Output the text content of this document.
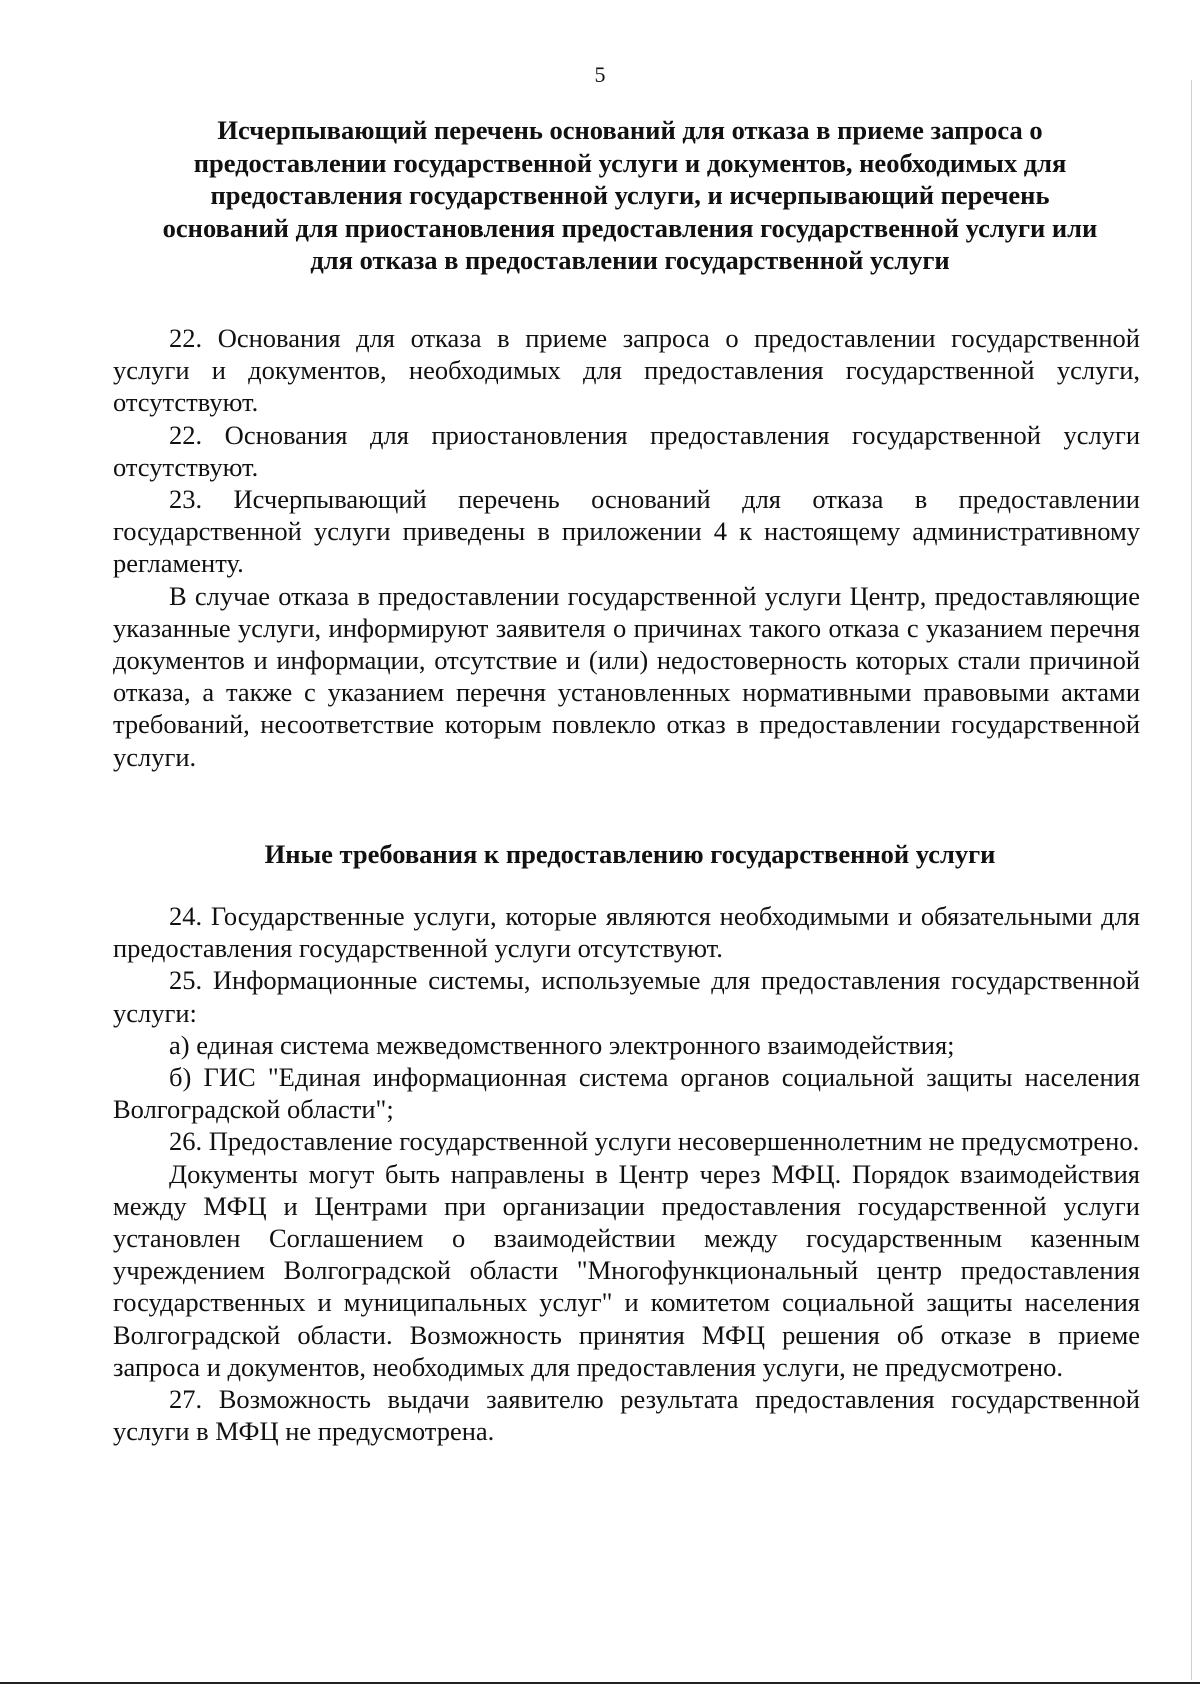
5
Исчерпывающий перечень оснований для отказа в приеме запроса о предоставлении государственной услуги и документов, необходимых для предоставления государственной услуги, и исчерпывающий перечень оснований для приостановления предоставления государственной услуги или для отказа в предоставлении государственной услуги

22. Основания для отказа в приеме запроса о предоставлении государственной услуги и документов, необходимых для предоставления государственной услуги, отсутствуют.

22. Основания для приостановления предоставления государственной услуги отсутствуют.

23. Исчерпывающий перечень оснований для отказа в предоставлении государственной услуги приведены в приложении 4 к настоящему административному регламенту.

В случае отказа в предоставлении государственной услуги Центр, предоставляющие указанные услуги, информируют заявителя о причинах такого отказа с указанием перечня документов и информации, отсутствие и (или) недостоверность которых стали причиной отказа, а также с указанием перечня установленных нормативными правовыми актами требований, несоответствие которым повлекло отказ в предоставлении государственной услуги.

Иные требования к предоставлению государственной услуги

24. Государственные услуги, которые являются необходимыми и обязательными для предоставления государственной услуги отсутствуют.

25. Информационные системы, используемые для предоставления государственной услуги:

а) единая система межведомственного электронного взаимодействия;

б) ГИС "Единая информационная система органов социальной защиты населения Волгоградской области";

26. Предоставление государственной услуги несовершеннолетним не предусмотрено.

Документы могут быть направлены в Центр через МФЦ. Порядок взаимодействия между МФЦ и Центрами при организации предоставления государственной услуги установлен Соглашением о взаимодействии между государственным казенным учреждением Волгоградской области "Многофункциональный центр предоставления государственных и муниципальных услуг" и комитетом социальной защиты населения Волгоградской области. Возможность принятия МФЦ решения об отказе в приеме запроса и документов, необходимых для предоставления услуги, не предусмотрено.

27. Возможность выдачи заявителю результата предоставления государственной услуги в МФЦ не предусмотрена.
